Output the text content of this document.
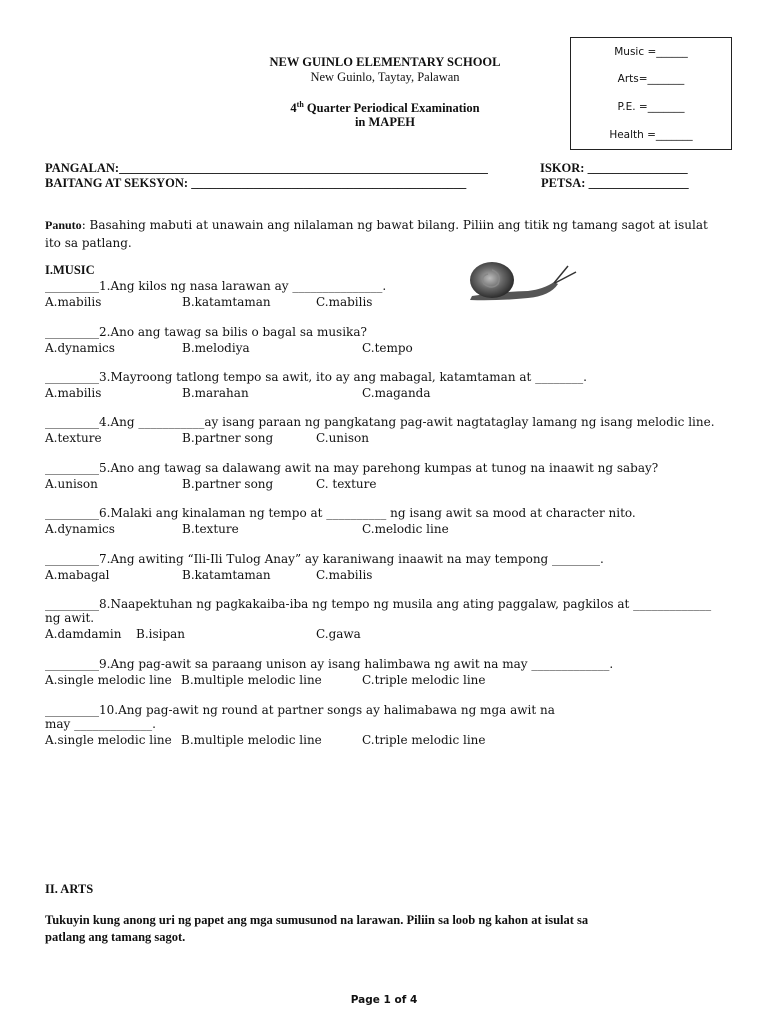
Music =______
Arts=_______
P.E. =_______
Health =_______
NEW GUINLO ELEMENTARY SCHOOL
New Guinlo, Taytay, Palawan
4th Quarter Periodical Examination
in MAPEH
PANGALAN:___________________________________________________________	ISKOR: ________________
BAITANG AT SEKSYON: ____________________________________________	PETSA: ________________
Panuto: Basahing mabuti at unawain ang nilalaman ng bawat bilang. Piliin ang titik ng tamang sagot at isulat
ito sa patlang.
I.MUSIC
_________1.Ang kilos ng nasa larawan ay _______________.
A.mabilis	B.katamtaman	C.mabilis
_________2.Ano ang tawag sa bilis o bagal sa musika?
A.dynamics	B.melodiya	C.tempo
_________3.Mayroong tatlong tempo sa awit, ito ay ang mabagal, katamtaman at ________.
A.mabilis	B.marahan	C.maganda
_________4.Ang ___________ay isang paraan ng pangkatang pag-awit nagtataglay lamang ng isang melodic line.
A.texture	B.partner song	C.unison
_________5.Ano ang tawag sa dalawang awit na may parehong kumpas at tunog na inaawit ng sabay?
A.unison	B.partner song	C. texture
_________6.Malaki ang kinalaman ng tempo at __________ ng isang awit sa mood at character nito.
A.dynamics	B.texture	C.melodic line
_________7.Ang awiting “Ili-Ili Tulog Anay” ay karaniwang inaawit na may tempong ________.
A.mabagal	B.katamtaman	C.mabilis
_________8.Naapektuhan ng pagkakaiba-iba ng tempo ng musila ang ating paggalaw, pagkilos at _____________
ng awit.
A.damdamin B.isipan	C.gawa
_________9.Ang pag-awit sa paraang unison ay isang halimbawa ng awit na may _____________.
A.single melodic line B.multiple melodic line	C.triple melodic line
_________10.Ang pag-awit ng round at partner songs ay halimabawa ng mga awit na
may _____________.
A.single melodic line B.multiple melodic line	C.triple melodic line
II. ARTS
Tukuyin kung anong uri ng papet ang mga sumusunod na larawan. Piliin sa loob ng kahon at isulat sa
patlang ang tamang sagot.
Page 1 of 4
